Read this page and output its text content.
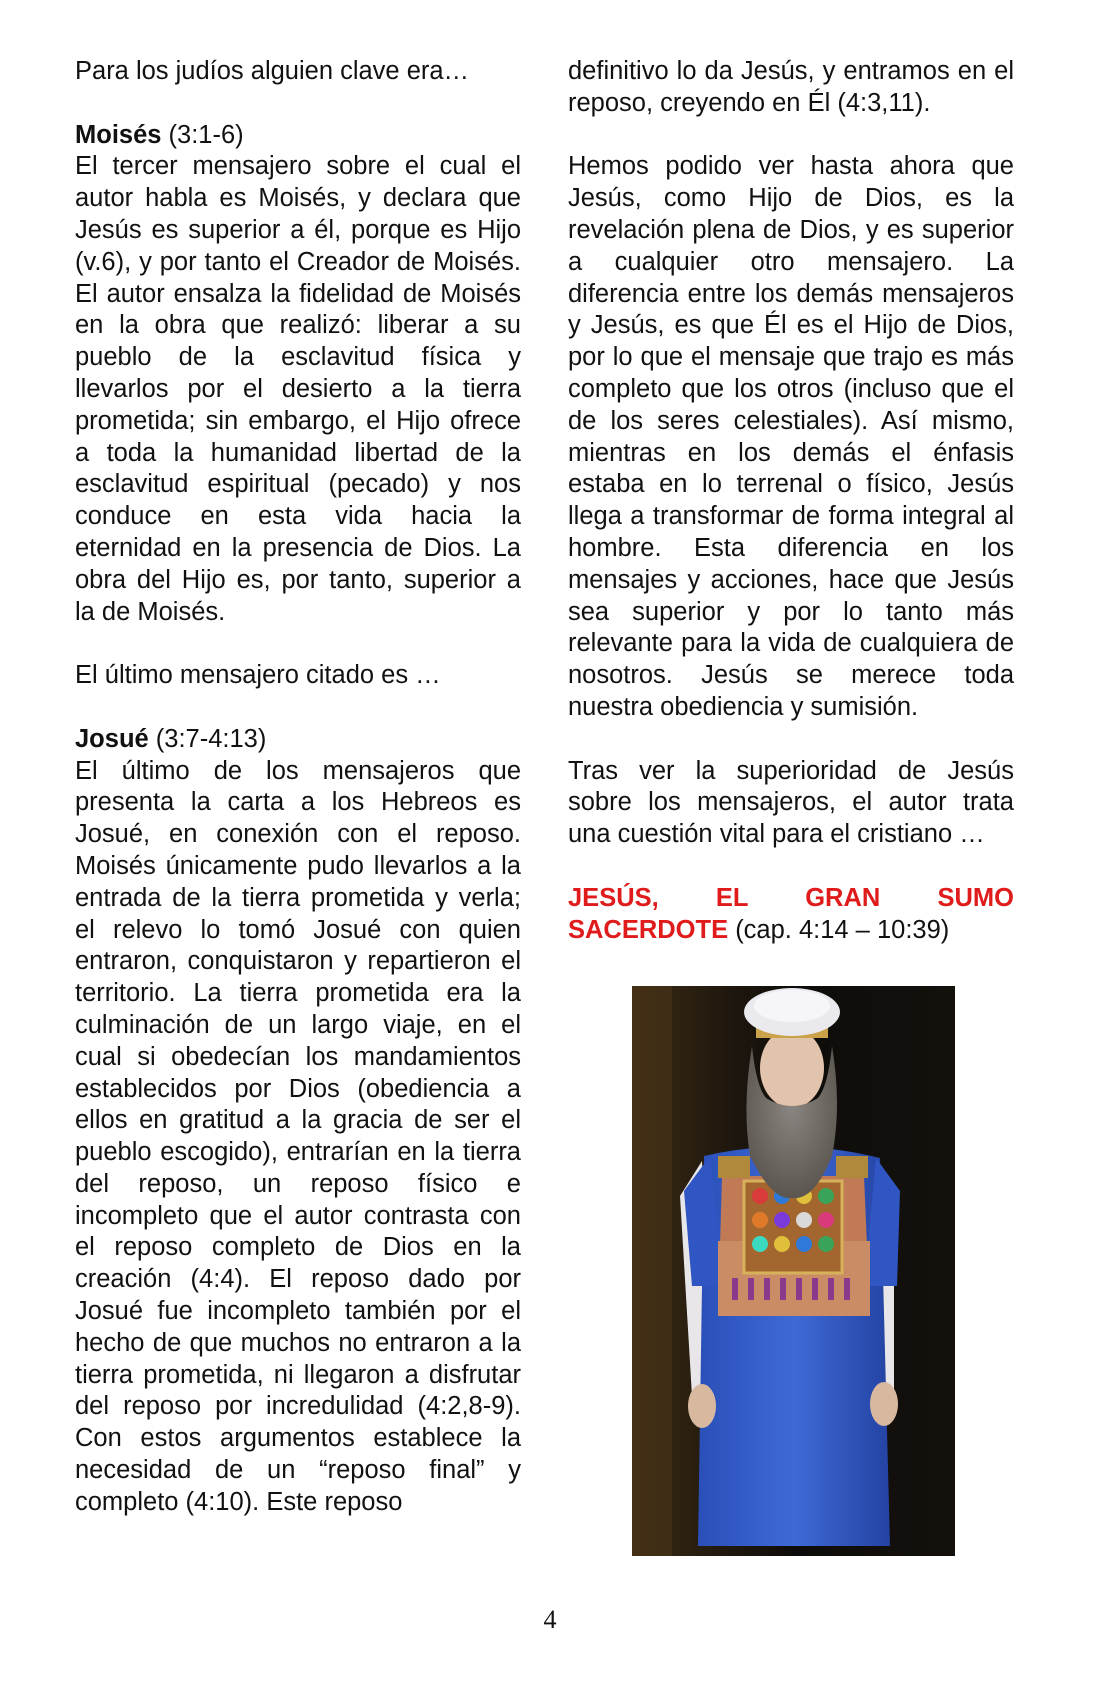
Para los judíos alguien clave era…

Moisés (3:1-6)

El tercer mensajero sobre el cual el autor habla es Moisés, y declara que Jesús es superior a él, porque es Hijo (v.6), y por tanto el Creador de Moisés. El autor ensalza la fidelidad de Moisés en la obra que realizó: liberar a su pueblo de la esclavitud física y llevarlos por el desierto a la tierra prometida; sin embargo, el Hijo ofrece a toda la humanidad libertad de la esclavitud espiritual (pecado) y nos conduce en esta vida hacia la eternidad en la presencia de Dios. La obra del Hijo es, por tanto, superior a la de Moisés.

El último mensajero citado es …

Josué (3:7-4:13)

El último de los mensajeros que presenta la carta a los Hebreos es Josué, en conexión con el reposo. Moisés únicamente pudo llevarlos a la entrada de la tierra prometida y verla; el relevo lo tomó Josué con quien entraron, conquistaron y repartieron el territorio. La tierra prometida era la culminación de un largo viaje, en el cual si obedecían los mandamientos establecidos por Dios (obediencia a ellos en gratitud a la gracia de ser el pueblo escogido), entrarían en la tierra del reposo, un reposo físico e incompleto que el autor contrasta con el reposo completo de Dios en la creación (4:4). El reposo dado por Josué fue incompleto también por el hecho de que muchos no entraron a la tierra prometida, ni llegaron a disfrutar del reposo por incredulidad (4:2,8-9). Con estos argumentos establece la necesidad de un “reposo final” y completo (4:10). Este reposo

definitivo lo da Jesús, y entramos en el reposo, creyendo en Él (4:3,11).

Hemos podido ver hasta ahora que Jesús, como Hijo de Dios, es la revelación plena de Dios, y es superior a cualquier otro mensajero. La diferencia entre los demás mensajeros y Jesús, es que Él es el Hijo de Dios, por lo que el mensaje que trajo es más completo que los otros (incluso que el de los seres celestiales). Así mismo, mientras en los demás el énfasis estaba en lo terrenal o físico, Jesús llega a transformar de forma integral al hombre. Esta diferencia en los mensajes y acciones, hace que Jesús sea superior y por lo tanto más relevante para la vida de cualquiera de nosotros. Jesús se merece toda nuestra obediencia y sumisión.

Tras ver la superioridad de Jesús sobre los mensajeros, el autor trata una cuestión vital para el cristiano …

JESÚS, EL GRAN SUMO
SACERDOTE (cap. 4:14 – 10:39)

4
